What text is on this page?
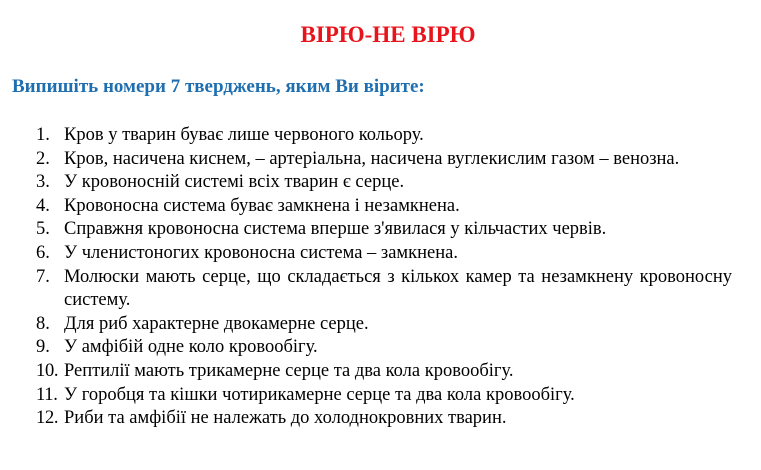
ВІРЮ-НЕ ВІРЮ

Випишіть номери 7 тверджень, яким Ви вірите:

1. Кров у тварин буває лише червоного кольору.
2. Кров, насичена киснем, – артеріальна, насичена вуглекислим газом – венозна.
3. У кровоносній системі всіх тварин є серце.
4. Кровоносна система буває замкнена і незамкнена.
5. Справжня кровоносна система вперше з'явилася у кільчастих червів.
6. У членистоногих кровоносна система – замкнена.
7. Молюски мають серце, що складається з кількох камер та незамкнену кровоносну систему.
8. Для риб характерне двокамерне серце.
9. У амфібій одне коло кровообігу.
10. Рептилії мають трикамерне серце та два кола кровообігу.
11. У горобця та кішки чотирикамерне серце та два кола кровообігу.
12. Риби та амфібії не належать до холоднокровних тварин.
